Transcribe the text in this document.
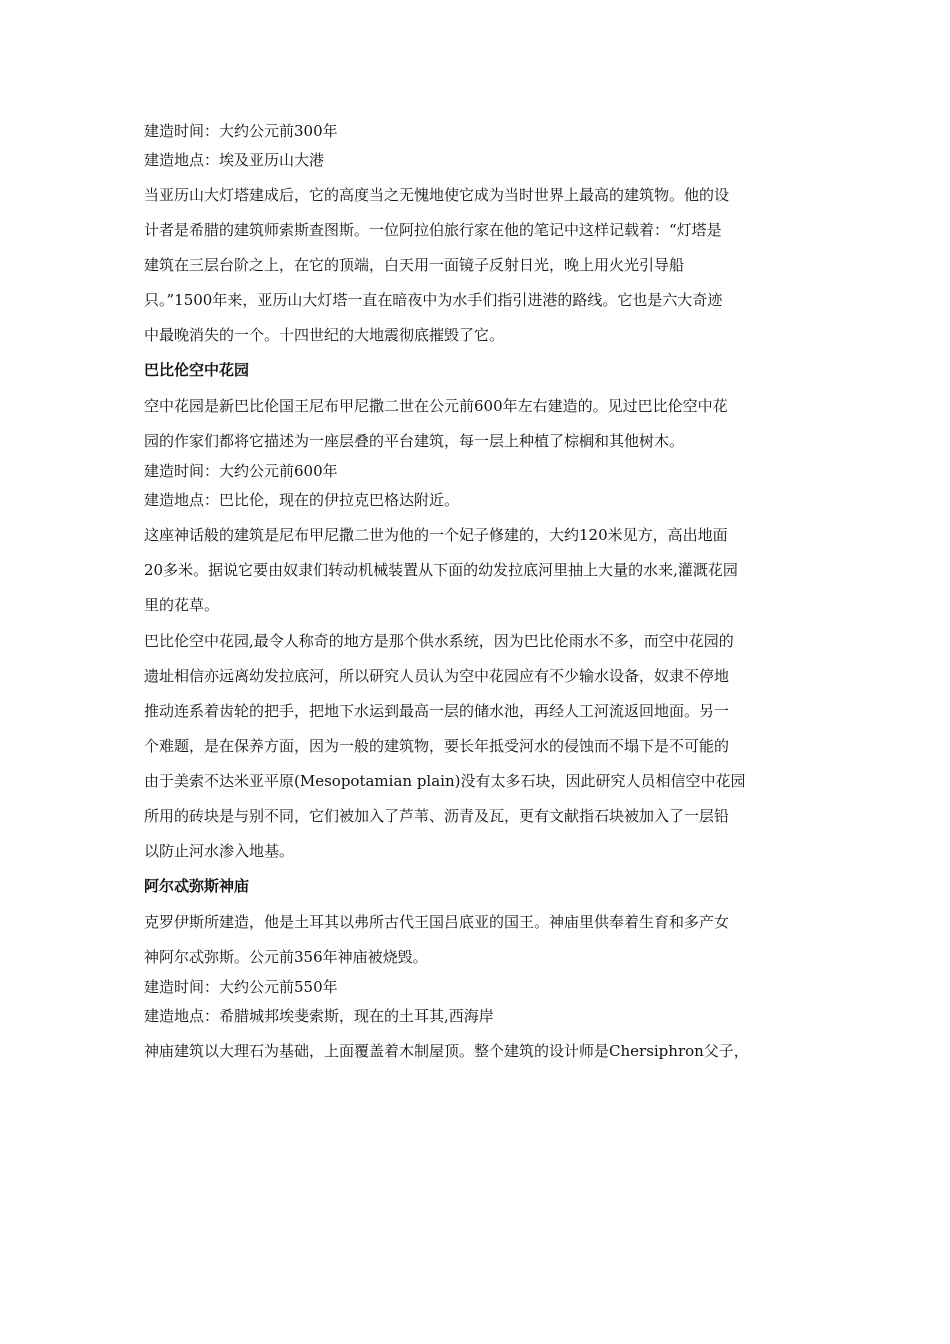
建造时间：大约公元前300年

建造地点：埃及亚历山大港

当亚历山大灯塔建成后，它的高度当之无愧地使它成为当时世界上最高的建筑物。他的设
计者是希腊的建筑师索斯查图斯。一位阿拉伯旅行家在他的笔记中这样记载着：“灯塔是
建筑在三层台阶之上，在它的顶端，白天用一面镜子反射日光，晚上用火光引导船
只。”1500年来，亚历山大灯塔一直在暗夜中为水手们指引进港的路线。它也是六大奇迹
中最晚消失的一个。十四世纪的大地震彻底摧毁了它。
巴比伦空中花园
空中花园是新巴比伦国王尼布甲尼撒二世在公元前600年左右建造的。见过巴比伦空中花
园的作家们都将它描述为一座层叠的平台建筑，每一层上种植了棕榈和其他树木。

建造时间：大约公元前600年

建造地点：巴比伦，现在的伊拉克巴格达附近。

这座神话般的建筑是尼布甲尼撒二世为他的一个妃子修建的，大约120米见方，高出地面
20多米。据说它要由奴隶们转动机械装置从下面的幼发拉底河里抽上大量的水来,灌溉花园
里的花草。
巴比伦空中花园,最令人称奇的地方是那个供水系统，因为巴比伦雨水不多，而空中花园的
遗址相信亦远离幼发拉底河，所以研究人员认为空中花园应有不少输水设备，奴隶不停地
推动连系着齿轮的把手，把地下水运到最高一层的储水池，再经人工河流返回地面。另一
个难题，是在保养方面，因为一般的建筑物，要长年抵受河水的侵蚀而不塌下是不可能的
由于美索不达米亚平原(Mesopotamian plain)没有太多石块，因此研究人员相信空中花园
所用的砖块是与别不同，它们被加入了芦苇、沥青及瓦，更有文献指石块被加入了一层铅
以防止河水渗入地基。
阿尔忒弥斯神庙
克罗伊斯所建造，他是土耳其以弗所古代王国吕底亚的国王。神庙里供奉着生育和多产女
神阿尔忒弥斯。公元前356年神庙被烧毁。

建造时间：大约公元前550年

建造地点：希腊城邦埃斐索斯，现在的土耳其,西海岸

神庙建筑以大理石为基础，上面覆盖着木制屋顶。整个建筑的设计师是Chersiphron父子，
